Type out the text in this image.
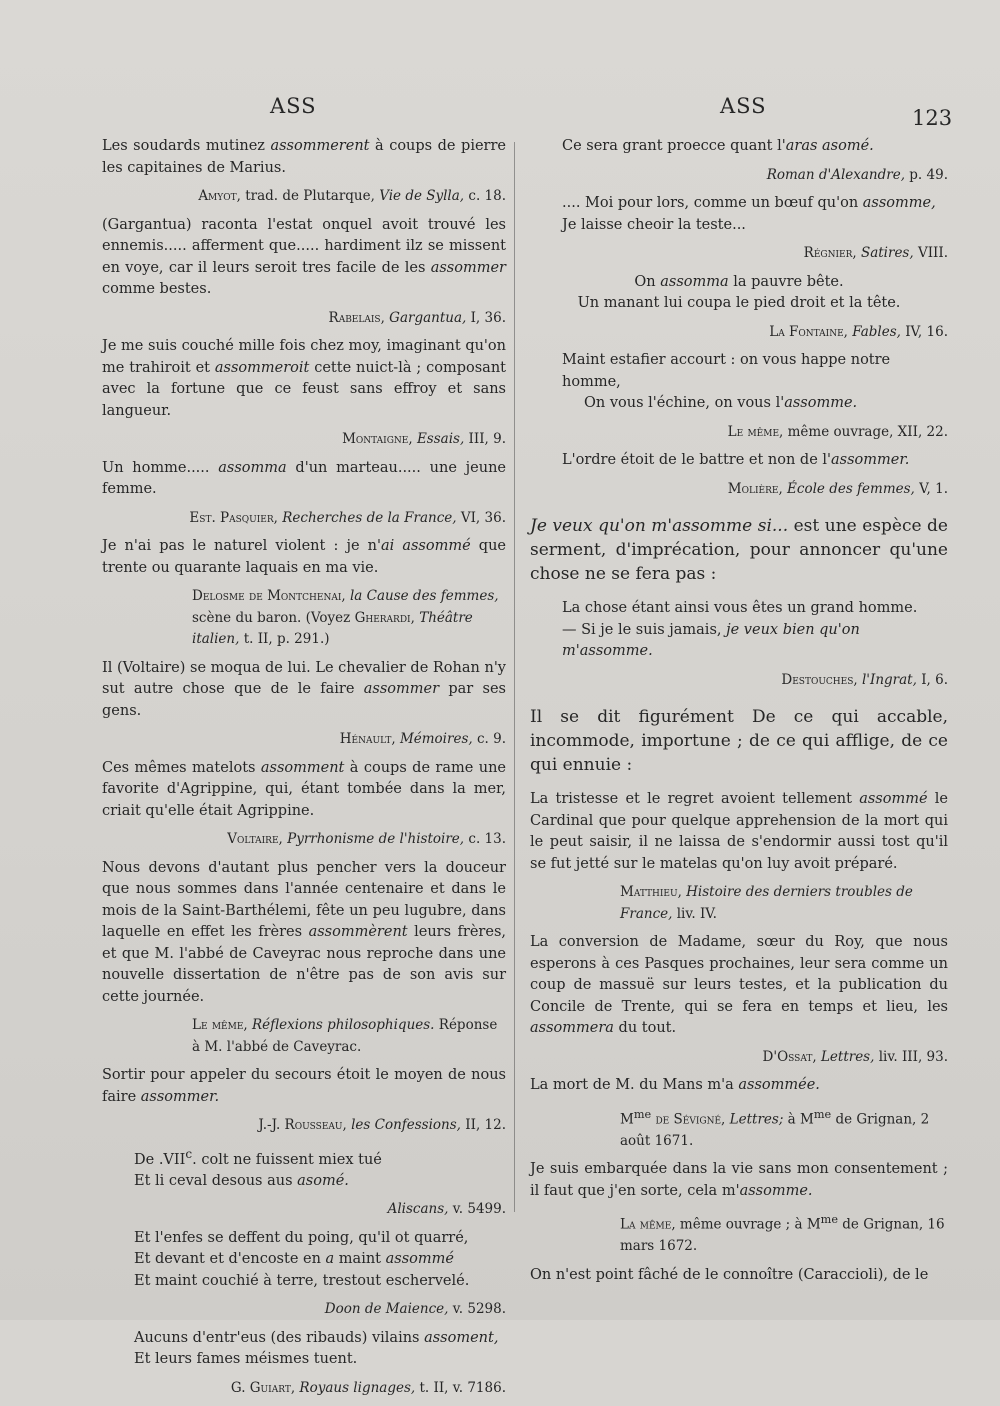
ASS	ASS	123
Les soudards mutinez assommerent à coups de pierre les capitaines de Marius.
Amyot, trad. de Plutarque, Vie de Sylla, c. 18.
(Gargantua) raconta l'estat onquel avoit trouvé les ennemis..... afferment que..... hardiment ilz se missent en voye, car il leurs seroit tres facile de les assommer comme bestes.
Rabelais, Gargantua, I, 36.
Je me suis couché mille fois chez moy, imaginant qu'on me trahiroit et assommeroit cette nuict-là ; composant avec la fortune que ce feust sans effroy et sans langueur.
Montaigne, Essais, III, 9.
Un homme..... assomma d'un marteau..... une jeune femme.
Est. Pasquier, Recherches de la France, VI, 36.
Je n'ai pas le naturel violent : je n'ai assommé que trente ou quarante laquais en ma vie.
Delosme de Montchenai, la Cause des femmes, scène du baron. (Voyez Gherardi, Théâtre italien, t. II, p. 291.)
Il (Voltaire) se moqua de lui. Le chevalier de Rohan n'y sut autre chose que de le faire assommer par ses gens.
Hénault, Mémoires, c. 9.
Ces mêmes matelots assomment à coups de rame une favorite d'Agrippine, qui, étant tombée dans la mer, criait qu'elle était Agrippine.
Voltaire, Pyrrhonisme de l'histoire, c. 13.
Nous devons d'autant plus pencher vers la douceur que nous sommes dans l'année centenaire et dans le mois de la Saint-Barthélemi, fête un peu lugubre, dans laquelle en effet les frères assommèrent leurs frères, et que M. l'abbé de Caveyrac nous reproche dans une nouvelle dissertation de n'être pas de son avis sur cette journée.
Le même, Réflexions philosophiques. Réponse à M. l'abbé de Caveyrac.
Sortir pour appeler du secours étoit le moyen de nous faire assommer.
J.-J. Rousseau, les Confessions, II, 12.
De .VII$^c$. colt ne fuissent miex tué
Et li ceval desous aus asomé.
Aliscans, v. 5499.
Et l'enfes se deffent du poing, qu'il ot quarré,
Et devant et d'encoste en a maint assommé
Et maint couchié à terre, trestout eschervelé.
Doon de Maience, v. 5298.
Aucuns d'entr'eus (des ribauds) vilains assoment,
Et leurs fames méismes tuent.
G. Guiart, Royaus lignages, t. II, v. 7186.
Ce sera grant proecce quant l'aras asomé.
Roman d'Alexandre, p. 49.
.... Moi pour lors, comme un bœuf qu'on assomme,
Je laisse cheoir la teste...
Régnier, Satires, VIII.
On assomma la pauvre bête.
Un manant lui coupa le pied droit et la tête.
La Fontaine, Fables, IV, 16.
Maint estafier accourt : on vous happe notre homme,
On vous l'échine, on vous l'assomme.
Le même, même ouvrage, XII, 22.
L'ordre étoit de le battre et non de l'assommer.
Molière, École des femmes, V, 1.
Je veux qu'on m'assomme si... est une espèce de serment, d'imprécation, pour annoncer qu'une chose ne se fera pas :
La chose étant ainsi vous êtes un grand homme.
— Si je le suis jamais, je veux bien qu'on m'assomme.
Destouches, l'Ingrat, I, 6.
Il se dit figurément De ce qui accable, incommode, importune ; de ce qui afflige, de ce qui ennuie :
La tristesse et le regret avoient tellement assommé le Cardinal que pour quelque apprehension de la mort qui le peut saisir, il ne laissa de s'endormir aussi tost qu'il se fut jetté sur le matelas qu'on luy avoit préparé.
Matthieu, Histoire des derniers troubles de France, liv. IV.
La conversion de Madame, sœur du Roy, que nous esperons à ces Pasques prochaines, leur sera comme un coup de massuë sur leurs testes, et la publication du Concile de Trente, qui se fera en temps et lieu, les assommera du tout.
D'Ossat, Lettres, liv. III, 93.
La mort de M. du Mans m'a assommée.
$M^{me}$ de Sévigné, Lettres; à $M^{me}$ de Grignan, 2 août 1671.
Je suis embarquée dans la vie sans mon consentement ; il faut que j'en sorte, cela m'assomme.
La même, même ouvrage ; à $M^{me}$ de Grignan, 16 mars 1672.
On n'est point fâché de le connoître (Caraccioli), de le
